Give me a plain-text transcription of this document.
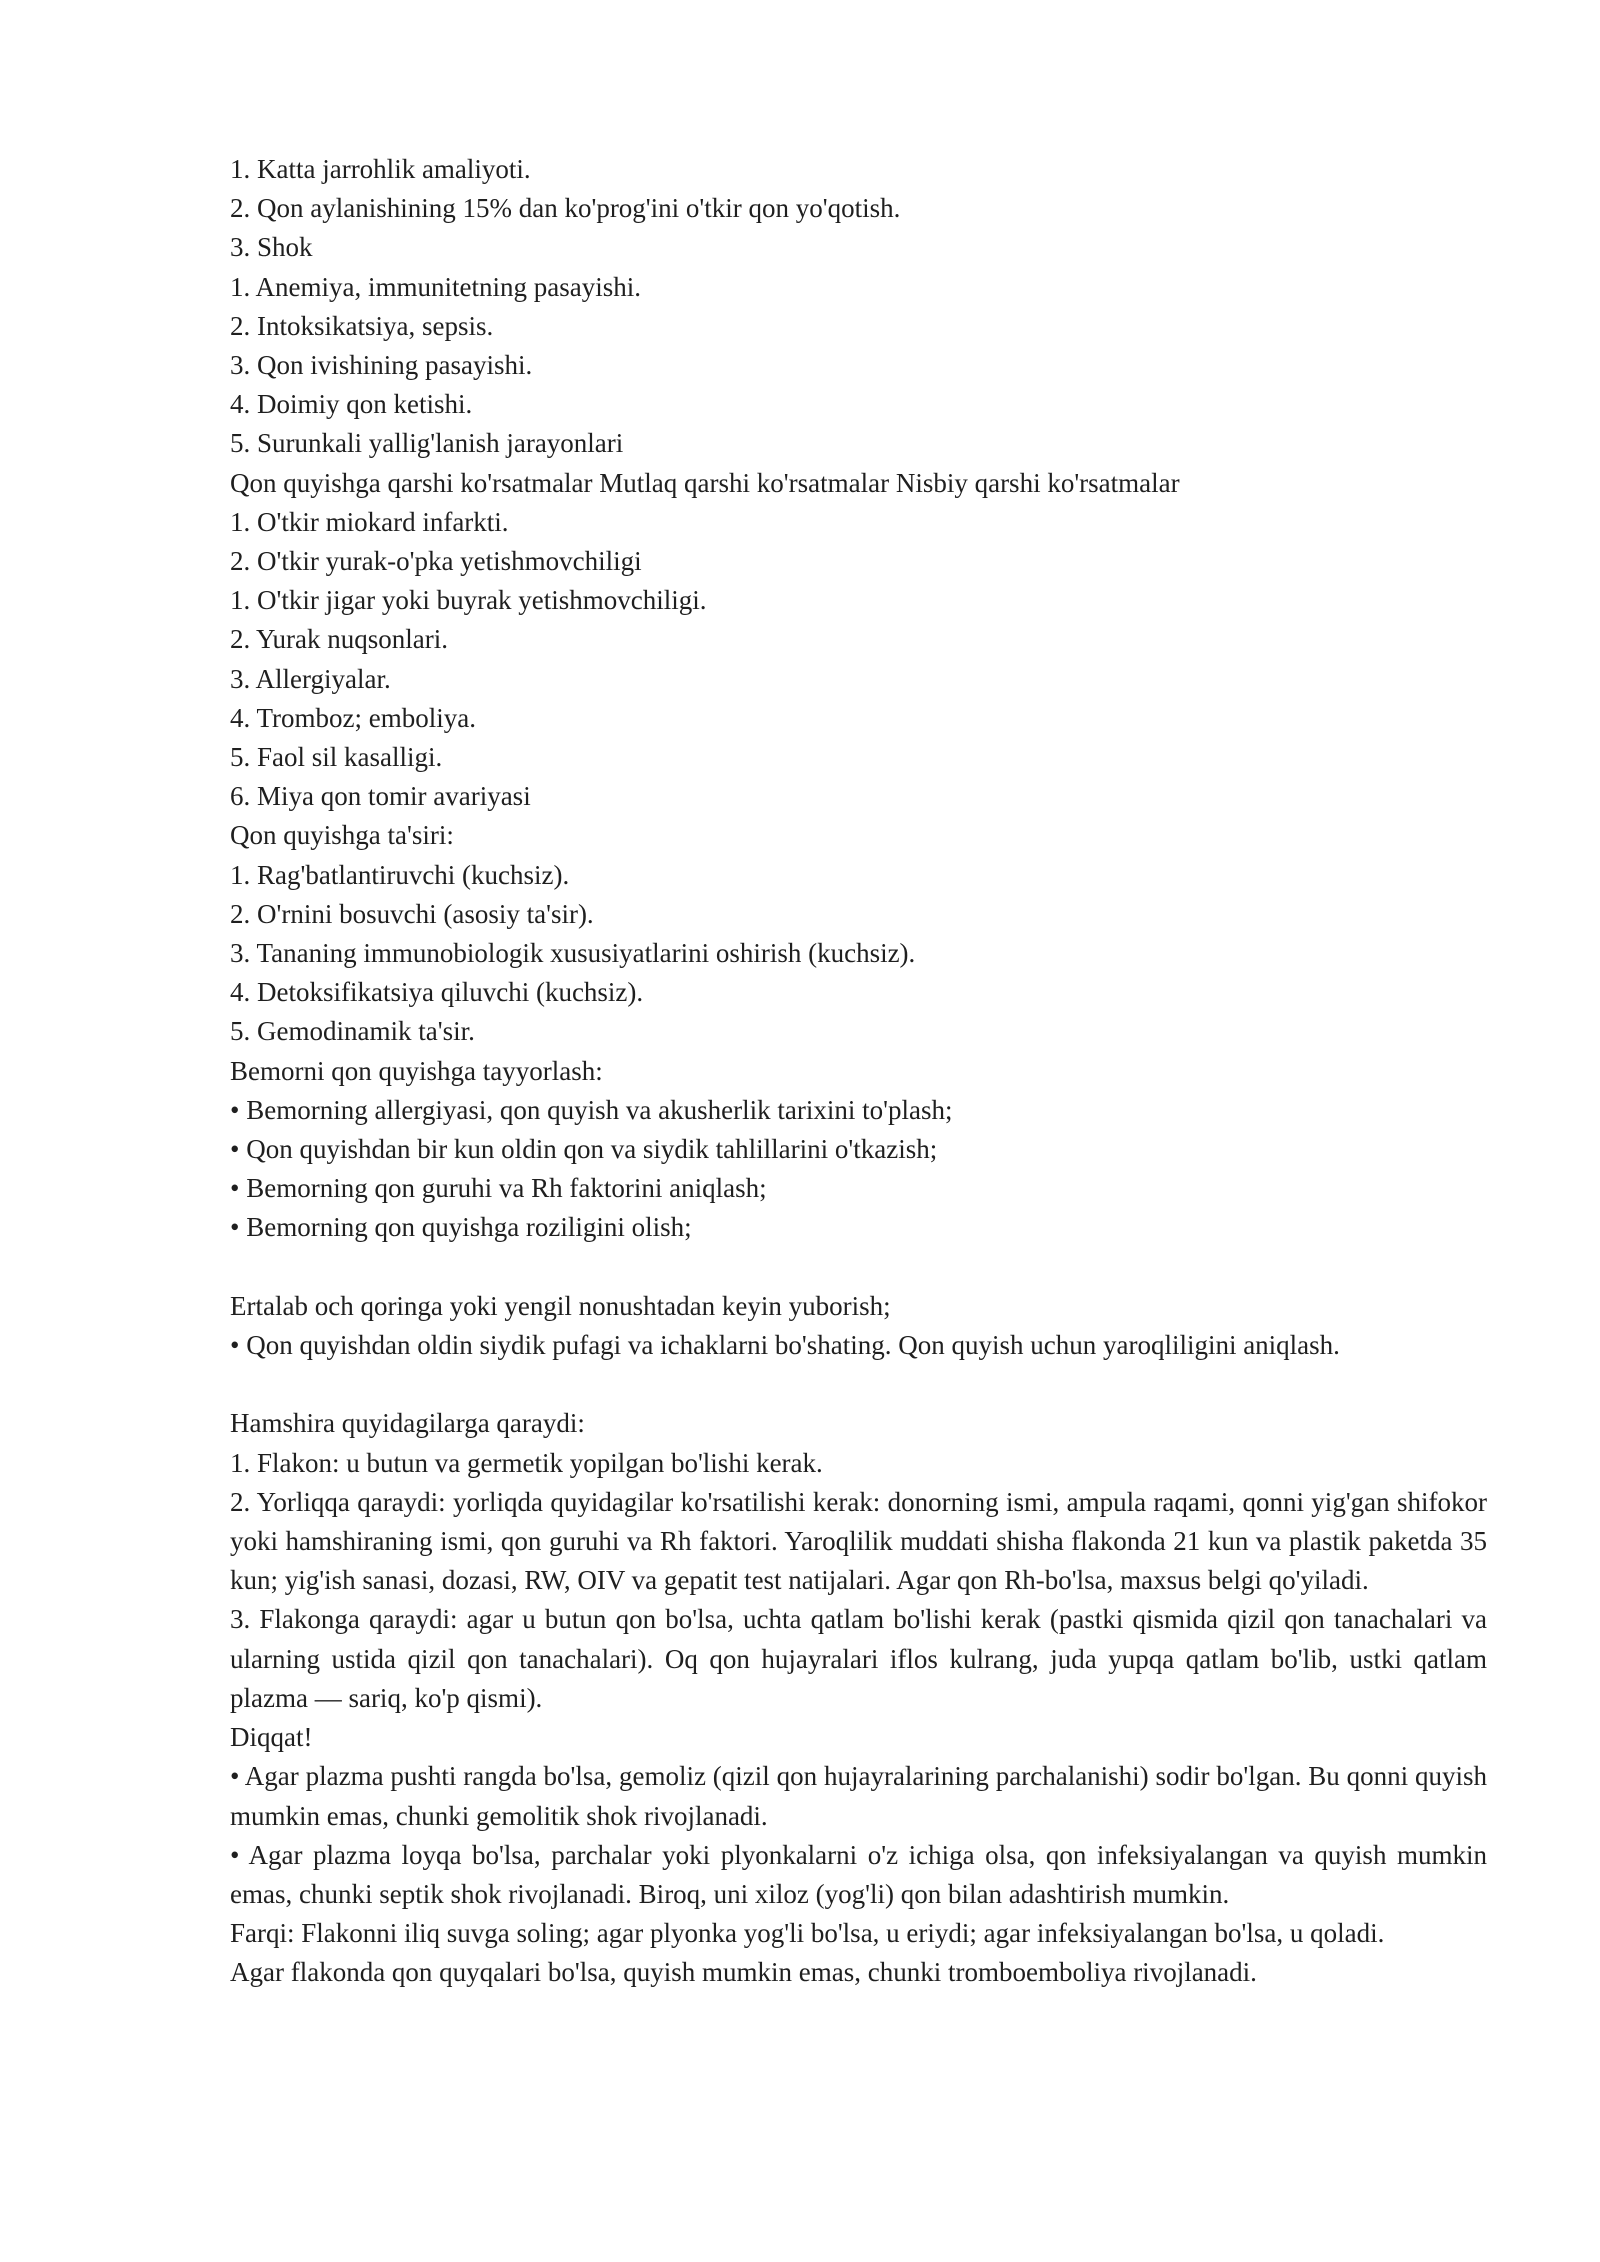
1. Katta jarrohlik amaliyoti.
2. Qon aylanishining 15% dan ko'prog'ini o'tkir qon yo'qotish.
3. Shok
1. Anemiya, immunitetning pasayishi.
2. Intoksikatsiya, sepsis.
3. Qon ivishining pasayishi.
4. Doimiy qon ketishi.
5. Surunkali yallig'lanish jarayonlari
Qon quyishga qarshi ko'rsatmalar Mutlaq qarshi ko'rsatmalar Nisbiy qarshi ko'rsatmalar
1. O'tkir miokard infarkti.
2. O'tkir yurak-o'pka yetishmovchiligi
1. O'tkir jigar yoki buyrak yetishmovchiligi.
2. Yurak nuqsonlari.
3. Allergiyalar.
4. Tromboz; emboliya.
5. Faol sil kasalligi.
6. Miya qon tomir avariyasi
Qon quyishga ta'siri:
1. Rag'batlantiruvchi (kuchsiz).
2. O'rnini bosuvchi (asosiy ta'sir).
3. Tananing immunobiologik xususiyatlarini oshirish (kuchsiz).
4. Detoksifikatsiya qiluvchi (kuchsiz).
5. Gemodinamik ta'sir.
Bemorni qon quyishga tayyorlash:
• Bemorning allergiyasi, qon quyish va akusherlik tarixini to'plash;
• Qon quyishdan bir kun oldin qon va siydik tahlillarini o'tkazish;
• Bemorning qon guruhi va Rh faktorini aniqlash;
• Bemorning qon quyishga roziligini olish;
Ertalab och qoringa yoki yengil nonushtadan keyin yuborish;
• Qon quyishdan oldin siydik pufagi va ichaklarni bo'shating. Qon quyish uchun yaroqliligini aniqlash.
Hamshira quyidagilarga qaraydi:
1. Flakon: u butun va germetik yopilgan bo'lishi kerak.

2. Yorliqqa qaraydi: yorliqda quyidagilar ko'rsatilishi kerak: donorning ismi, ampula raqami, qonni yig'gan shifokor yoki hamshiraning ismi, qon guruhi va Rh faktori. Yaroqlilik muddati shisha flakonda 21 kun va plastik paketda 35 kun; yig'ish sanasi, dozasi, RW, OIV va gepatit test natijalari. Agar qon Rh-bo'lsa, maxsus belgi qo'yiladi.

3. Flakonga qaraydi: agar u butun qon bo'lsa, uchta qatlam bo'lishi kerak (pastki qismida qizil qon tanachalari va ularning ustida qizil qon tanachalari). Oq qon hujayralari iflos kulrang, juda yupqa qatlam bo'lib, ustki qatlam plazma — sariq, ko'p qismi).

Diqqat!

• Agar plazma pushti rangda bo'lsa, gemoliz (qizil qon hujayralarining parchalanishi) sodir bo'lgan. Bu qonni quyish mumkin emas, chunki gemolitik shok rivojlanadi.

• Agar plazma loyqa bo'lsa, parchalar yoki plyonkalarni o'z ichiga olsa, qon infeksiyalangan va quyish mumkin emas, chunki septik shok rivojlanadi. Biroq, uni xiloz (yog'li) qon bilan adashtirish mumkin.

Farqi: Flakonni iliq suvga soling; agar plyonka yog'li bo'lsa, u eriydi; agar infeksiyalangan bo'lsa, u qoladi.

Agar flakonda qon quyqalari bo'lsa, quyish mumkin emas, chunki tromboemboliya rivojlanadi.
